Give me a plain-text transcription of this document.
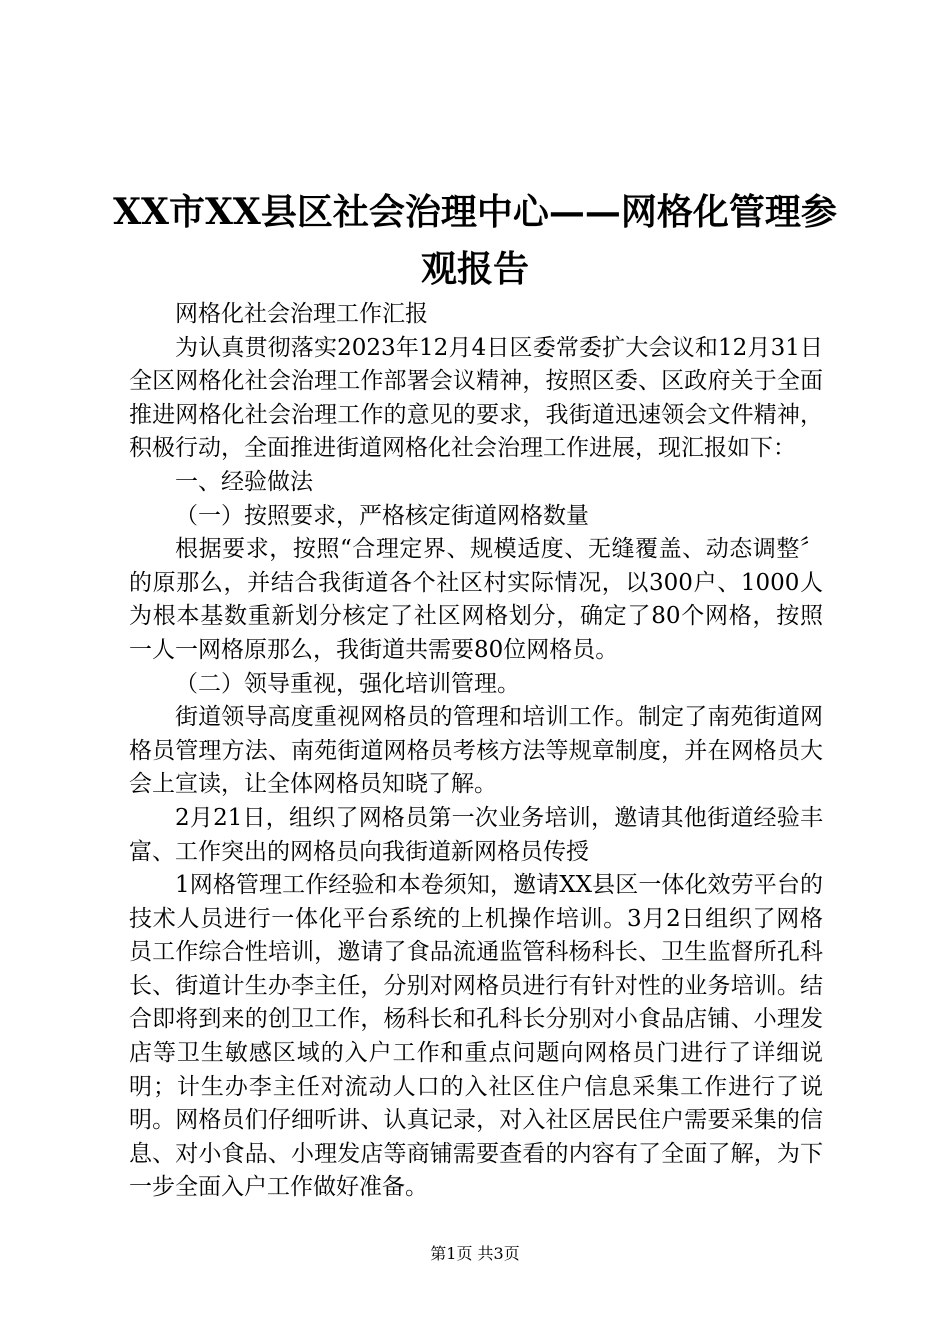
XX市XX县区社会治理中心——网格化管理参
观报告

网格化社会治理工作汇报

为认真贯彻落实2023年12月4日区委常委扩大会议和12月31日全区网格化社会治理工作部署会议精神，按照区委、区政府关于全面推进网格化社会治理工作的意见的要求，我街道迅速领会文件精神，积极行动，全面推进街道网格化社会治理工作进展，现汇报如下：

一、经验做法

（一）按照要求，严格核定街道网格数量

根据要求，按照“合理定界、规模适度、无缝覆盖、动态调整〞的原那么，并结合我街道各个社区村实际情况，以300户、1000人为根本基数重新划分核定了社区网格划分，确定了80个网格，按照一人一网格原那么，我街道共需要80位网格员。

（二）领导重视，强化培训管理。

街道领导高度重视网格员的管理和培训工作。制定了南苑街道网格员管理方法、南苑街道网格员考核方法等规章制度，并在网格员大会上宣读，让全体网格员知晓了解。

2月21日，组织了网格员第一次业务培训，邀请其他街道经验丰富、工作突出的网格员向我街道新网格员传授

1网格管理工作经验和本卷须知，邀请XX县区一体化效劳平台的技术人员进行一体化平台系统的上机操作培训。3月2日组织了网格员工作综合性培训，邀请了食品流通监管科杨科长、卫生监督所孔科长、街道计生办李主任，分别对网格员进行有针对性的业务培训。结合即将到来的创卫工作，杨科长和孔科长分别对小食品店铺、小理发店等卫生敏感区域的入户工作和重点问题向网格员门进行了详细说明；计生办李主任对流动人口的入社区住户信息采集工作进行了说明。网格员们仔细听讲、认真记录，对入社区居民住户需要采集的信息、对小食品、小理发店等商铺需要查看的内容有了全面了解，为下一步全面入户工作做好准备。

第1页 共3页
